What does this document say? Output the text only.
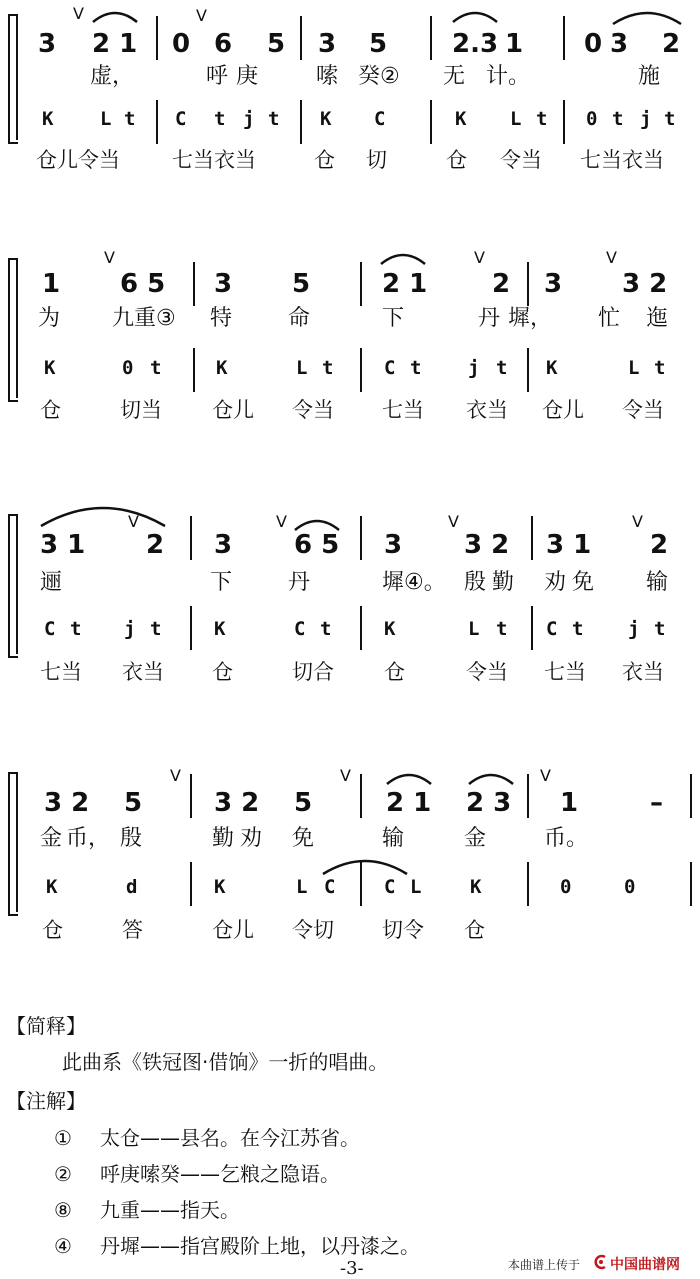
V	V
3 2 1 0 6 5 3 5 2.3 1 0 3 2
虚，	呼 庚	嗦 癸② 无 计。	施
K L t C t j t K C	K L t 0 t j t
仓儿令当 七当衣当	仓 切	仓 令当 七当衣当
V	V	V
1 6 5 3 5	2 1 2 3 3 2
为 九重③ 特	命	下	丹 墀， 忙 迤
K	0 t	K	L t	C t j t K	L t
仓	切当 仓儿 令当 七当 衣当 仓儿 令当
V	V	V	V
3 1 2 3 6 5 3 3 2 3 1 2
逦	下	丹	墀④。 殷 勤 劝 免 输
C t j t	K	C t	K	L t C t j t
七当 衣当 仓	切合 仓	令当 七当 衣当
V	V	V
3 2 5	3 2 5	2 1 2 3 1	–
金 币， 殷	勤 劝 免	输	金	币。
K	d	K	L C	C L	K	0	0
仓	答	仓儿 令切 切令 仓
【简释】
此曲系《铁冠图·借饷》一折的唱曲。
【注解】
① 太仓——县名。在今江苏省。
② 呼庚嗦癸——乞粮之隐语。
⑧ 九重——指天。
④ 丹墀——指宫殿阶上地，以丹漆之。
-3-	本曲谱上传于 中国曲谱网
